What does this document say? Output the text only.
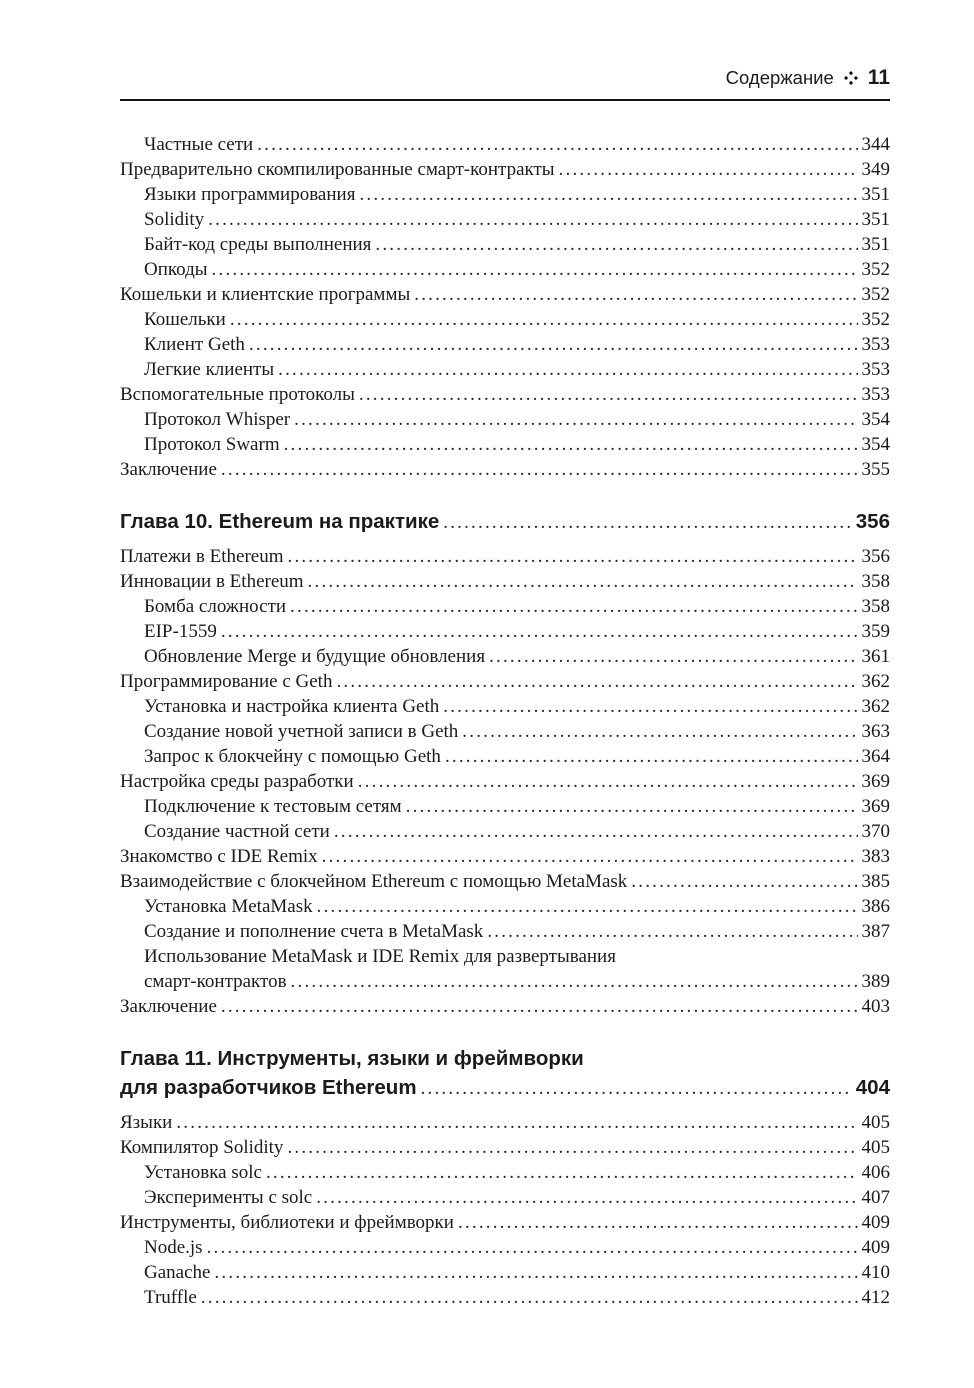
Содержание 11
Частные сети .....	344
Предварительно скомпилированные смарт-контракты .....	349
Языки программирования .....	351
Solidity .....	351
Байт-код среды выполнения .....	351
Опкоды .....	352
Кошельки и клиентские программы .....	352
Кошельки .....	352
Клиент Geth .....	353
Легкие клиенты .....	353
Вспомогательные протоколы .....	353
Протокол Whisper .....	354
Протокол Swarm .....	354
Заключение .....	355
Глава 10. Ethereum на практике .....	356
Платежи в Ethereum .....	356
Инновации в Ethereum .....	358
Бомба сложности .....	358
EIP-1559 .....	359
Обновление Merge и будущие обновления .....	361
Программирование с Geth .....	362
Установка и настройка клиента Geth .....	362
Создание новой учетной записи в Geth .....	363
Запрос к блокчейну с помощью Geth .....	364
Настройка среды разработки .....	369
Подключение к тестовым сетям .....	369
Создание частной сети .....	370
Знакомство с IDE Remix .....	383
Взаимодействие с блокчейном Ethereum с помощью MetaMask .....	385
Установка MetaMask .....	386
Создание и пополнение счета в MetaMask .....	387
Использование MetaMask и IDE Remix для развертывания
смарт-контрактов .....	389
Заключение .....	403
Глава 11. Инструменты, языки и фреймворки
для разработчиков Ethereum .....	404
Языки .....	405
Компилятор Solidity .....	405
Установка solc .....	406
Эксперименты с solc .....	407
Инструменты, библиотеки и фреймворки .....	409
Node.js .....	409
Ganache .....	410
Truffle .....	412
